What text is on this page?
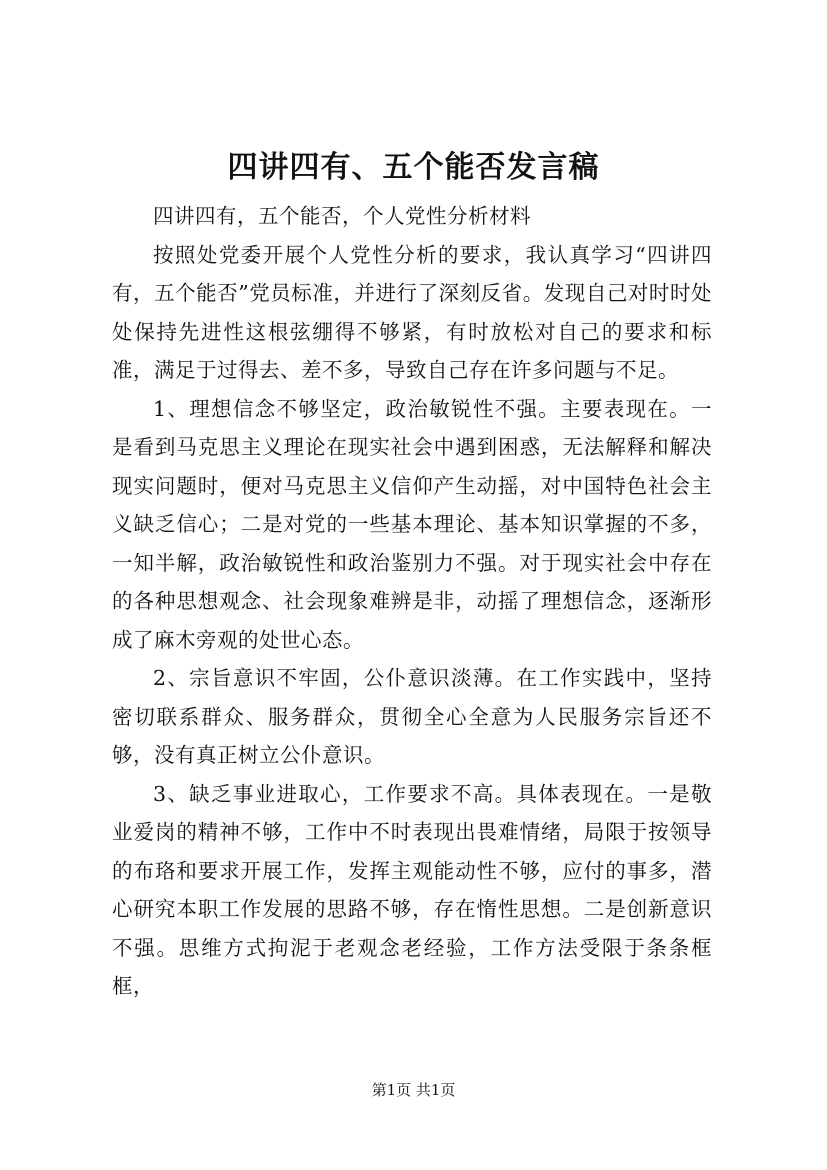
四讲四有、五个能否发言稿

四讲四有，五个能否，个人党性分析材料

按照处党委开展个人党性分析的要求，我认真学习“四讲四有，五个能否”党员标准，并进行了深刻反省。发现自己对时时处处保持先进性这根弦绷得不够紧，有时放松对自己的要求和标准，满足于过得去、差不多，导致自己存在许多问题与不足。

1、理想信念不够坚定，政治敏锐性不强。主要表现在。一是看到马克思主义理论在现实社会中遇到困惑，无法解释和解决现实问题时，便对马克思主义信仰产生动摇，对中国特色社会主义缺乏信心；二是对党的一些基本理论、基本知识掌握的不多，一知半解，政治敏锐性和政治鉴别力不强。对于现实社会中存在的各种思想观念、社会现象难辨是非，动摇了理想信念，逐渐形成了麻木旁观的处世心态。

2、宗旨意识不牢固，公仆意识淡薄。在工作实践中，坚持密切联系群众、服务群众，贯彻全心全意为人民服务宗旨还不够，没有真正树立公仆意识。

3、缺乏事业进取心，工作要求不高。具体表现在。一是敬业爱岗的精神不够，工作中不时表现出畏难情绪，局限于按领导的布珞和要求开展工作，发挥主观能动性不够，应付的事多，潜心研究本职工作发展的思路不够，存在惰性思想。二是创新意识不强。思维方式拘泥于老观念老经验，工作方法受限于条条框框，

第1页 共1页
